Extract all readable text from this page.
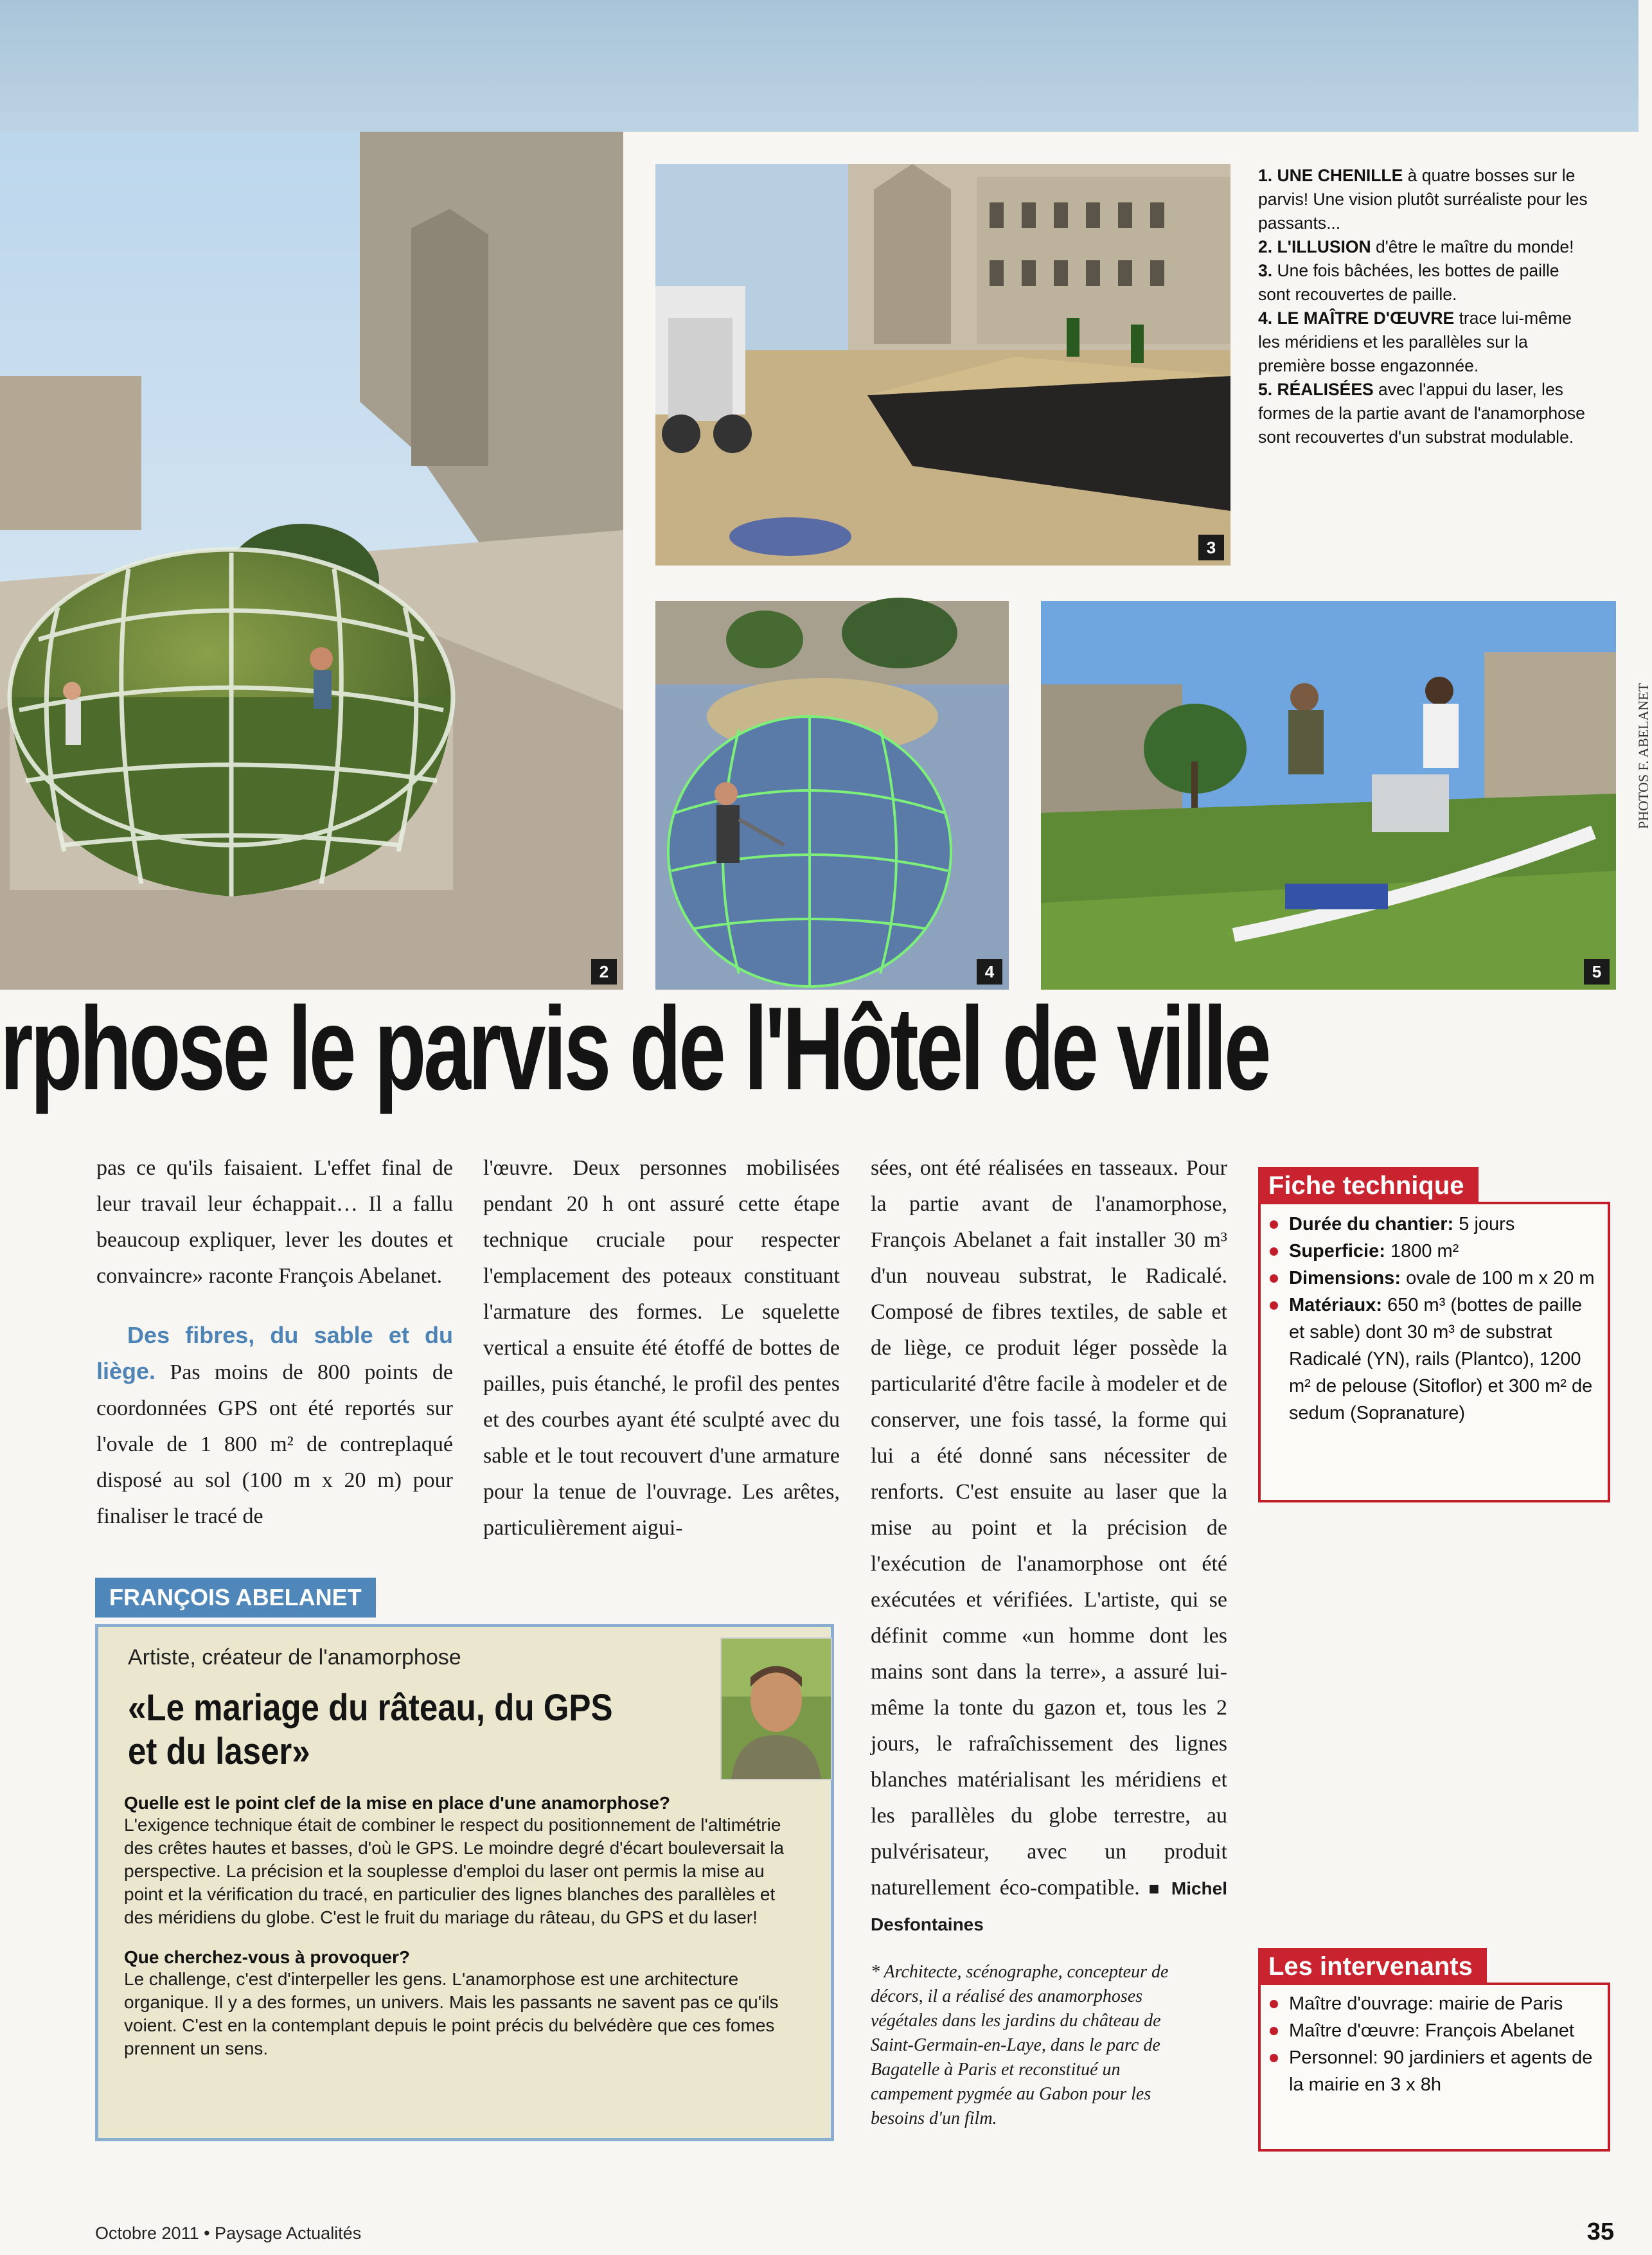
2
3
4	5
PHOTOS F. ABELANET

1. UNE CHENILLE à quatre bosses sur le parvis! Une vision plutôt surréaliste pour les passants...

2. L'ILLUSION d'être le maître du monde!

3. Une fois bâchées, les bottes de paille sont recouvertes de paille.

4. LE MAÎTRE D'ŒUVRE trace lui-même les méridiens et les parallèles sur la première bosse engazonnée.

5. RÉALISÉES avec l'appui du laser, les formes de la partie avant de l'anamorphose sont recouvertes d'un substrat modulable.

rphose le parvis de l'Hôtel de ville

pas ce qu'ils faisaient. L'effet final de leur travail leur échappait… Il a fallu beaucoup expliquer, lever les doutes et convaincre» raconte François Abelanet.

Des fibres, du sable et du liège. Pas moins de 800 points de coordonnées GPS ont été reportés sur l'ovale de 1 800 m² de contreplaqué disposé au sol (100 m x 20 m) pour finaliser le tracé de

l'œuvre. Deux personnes mobilisées pendant 20 h ont assuré cette étape technique cruciale pour respecter l'emplacement des poteaux constituant l'armature des formes. Le squelette vertical a ensuite été étoffé de bottes de pailles, puis étanché, le profil des pentes et des courbes ayant été sculpté avec du sable et le tout recouvert d'une armature pour la tenue de l'ouvrage. Les arêtes, particulièrement aigui-

sées, ont été réalisées en tasseaux. Pour la partie avant de l'anamorphose, François Abelanet a fait installer 30 m³ d'un nouveau substrat, le Radicalé. Composé de fibres textiles, de sable et de liège, ce produit léger possède la particularité d'être facile à modeler et de conserver, une fois tassé, la forme qui lui a été donné sans nécessiter de renforts. C'est ensuite au laser que la mise au point et la précision de l'exécution de l'anamorphose ont été exécutées et vérifiées. L'artiste, qui se définit comme «un homme dont les mains sont dans la terre», a assuré lui-même la tonte du gazon et, tous les 2 jours, le rafraîchissement des lignes blanches matérialisant les méridiens et les parallèles du globe terrestre, au pulvérisateur, avec un produit naturellement éco-compatible. ■ Michel Desfontaines

Fiche technique
Durée du chantier: 5 jours
Superficie: 1800 m²
Dimensions: ovale de 100 m x 20 m
Matériaux: 650 m³ (bottes de paille et sable) dont 30 m³ de substrat Radicalé (YN), rails (Plantco), 1200 m² de pelouse (Sitoflor) et 300 m² de sedum (Sopranature)
FRANÇOIS ABELANET
Artiste, créateur de l'anamorphose
«Le mariage du râteau, du GPS et du laser»

Quelle est le point clef de la mise en place d'une anamorphose?

L'exigence technique était de combiner le respect du positionnement de l'altimétrie des crêtes hautes et basses, d'où le GPS. Le moindre degré d'écart bouleversait la perspective. La précision et la souplesse d'emploi du laser ont permis la mise au point et la vérification du tracé, en particulier des lignes blanches des parallèles et des méridiens du globe. C'est le fruit du mariage du râteau, du GPS et du laser!

Que cherchez-vous à provoquer?

Le challenge, c'est d'interpeller les gens. L'anamorphose est une architecture organique. Il y a des formes, un univers. Mais les passants ne savent pas ce qu'ils voient. C'est en la contemplant depuis le point précis du belvédère que ces fomes prennent un sens.

* Architecte, scénographe, concepteur de décors, il a réalisé des anamorphoses végétales dans les jardins du château de Saint-Germain-en-Laye, dans le parc de Bagatelle à Paris et reconstitué un campement pygmée au Gabon pour les besoins d'un film.
Les intervenants
Maître d'ouvrage: mairie de Paris
Maître d'œuvre: François Abelanet
Personnel: 90 jardiniers et agents de la mairie en 3 x 8h
Octobre 2011 • Paysage Actualités	35
